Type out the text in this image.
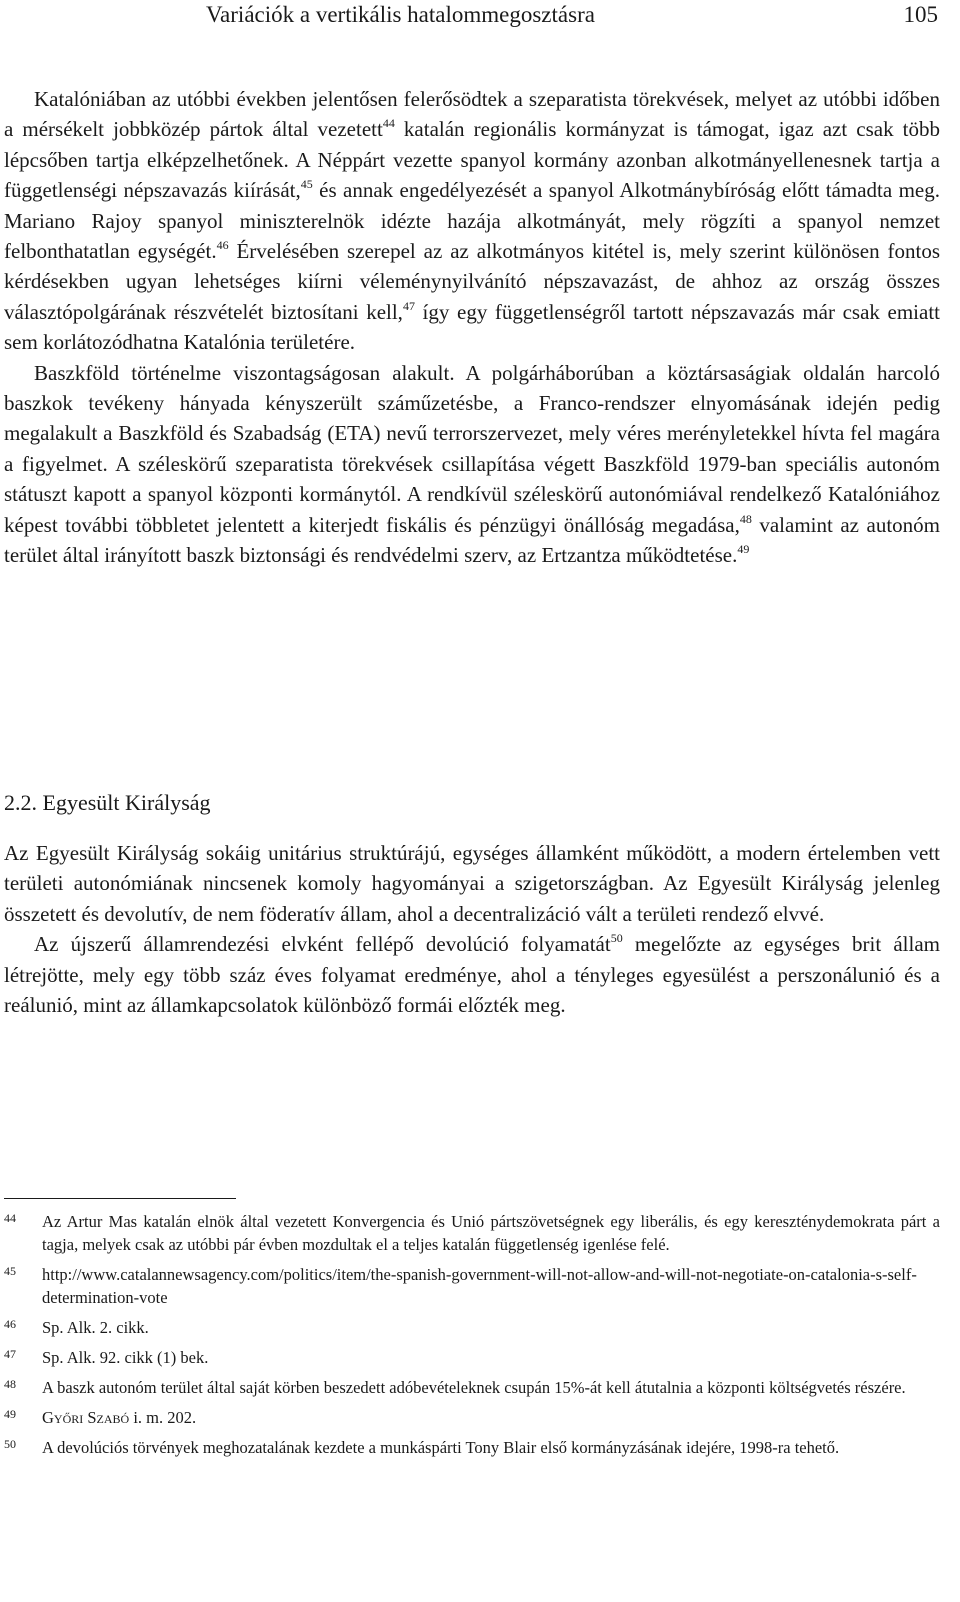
Variációk a vertikális hatalommegosztásra	105

Katalóniában az utóbbi években jelentősen felerősödtek a szeparatista törekvések, melyet az utóbbi időben a mérsékelt jobbközép pártok által vezetett$^{44}$ katalán regionális kormányzat is támogat, igaz azt csak több lépcsőben tartja elképzelhetőnek. A Néppárt vezette spanyol kormány azonban alkotmányellenesnek tartja a függetlenségi népszavazás kiírását,$^{45}$ és annak engedélyezését a spanyol Alkotmánybíróság előtt támadta meg. Mariano Rajoy spanyol miniszterelnök idézte hazája alkotmányát, mely rögzíti a spanyol nemzet felbonthatatlan egységét.$^{46}$ Érvelésében szerepel az az alkotmányos kitétel is, mely szerint különösen fontos kérdésekben ugyan lehetséges kiírni véleménynyilvánító népszavazást, de ahhoz az ország összes választópolgárának részvételét biztosítani kell,$^{47}$ így egy függetlenségről tartott népszavazás már csak emiatt sem korlátozódhatna Katalónia területére.

Baszkföld történelme viszontagságosan alakult. A polgárháborúban a köztársaságiak oldalán harcoló baszkok tevékeny hányada kényszerült száműzetésbe, a Franco-rendszer elnyomásának idején pedig megalakult a Baszkföld és Szabadság (ETA) nevű terrorszervezet, mely véres merényletekkel hívta fel magára a figyelmet. A széleskörű szeparatista törekvések csillapítása végett Baszkföld 1979-ban speciális autonóm státuszt kapott a spanyol központi kormánytól. A rendkívül széleskörű autonómiával rendelkező Katalóniához képest további többletet jelentett a kiterjedt fiskális és pénzügyi önállóság megadása,$^{48}$ valamint az autonóm terület által irányított baszk biztonsági és rendvédelmi szerv, az Ertzantza működtetése.$^{49}$

2.2. Egyesült Királyság

Az Egyesült Királyság sokáig unitárius struktúrájú, egységes államként működött, a modern értelemben vett területi autonómiának nincsenek komoly hagyományai a szigetországban. Az Egyesült Királyság jelenleg összetett és devolutív, de nem föderatív állam, ahol a decentralizáció vált a területi rendező elvvé.

Az újszerű államrendezési elvként fellépő devolúció folyamatát$^{50}$ megelőzte az egységes brit állam létrejötte, mely egy több száz éves folyamat eredménye, ahol a tényleges egyesülést a perszonálunió és a reálunió, mint az államkapcsolatok különböző formái előzték meg.

44 Az Artur Mas katalán elnök által vezetett Konvergencia és Unió pártszövetségnek egy liberális, és egy kereszténydemokrata párt a tagja, melyek csak az utóbbi pár évben mozdultak el a teljes katalán függetlenség igenlése felé.
45 http://www.catalannewsagency.com/politics/item/the-spanish-government-will-not-allow-and-will-not-negotiate-on-catalonia-s-self-determination-vote
46 Sp. Alk. 2. cikk.
47 Sp. Alk. 92. cikk (1) bek.
48 A baszk autonóm terület által saját körben beszedett adóbevételeknek csupán 15%-át kell átutalnia a központi költségvetés részére.
49 Győri Szabó i. m. 202.
50 A devolúciós törvények meghozatalának kezdete a munkáspárti Tony Blair első kormányzásának idejére, 1998-ra tehető.
